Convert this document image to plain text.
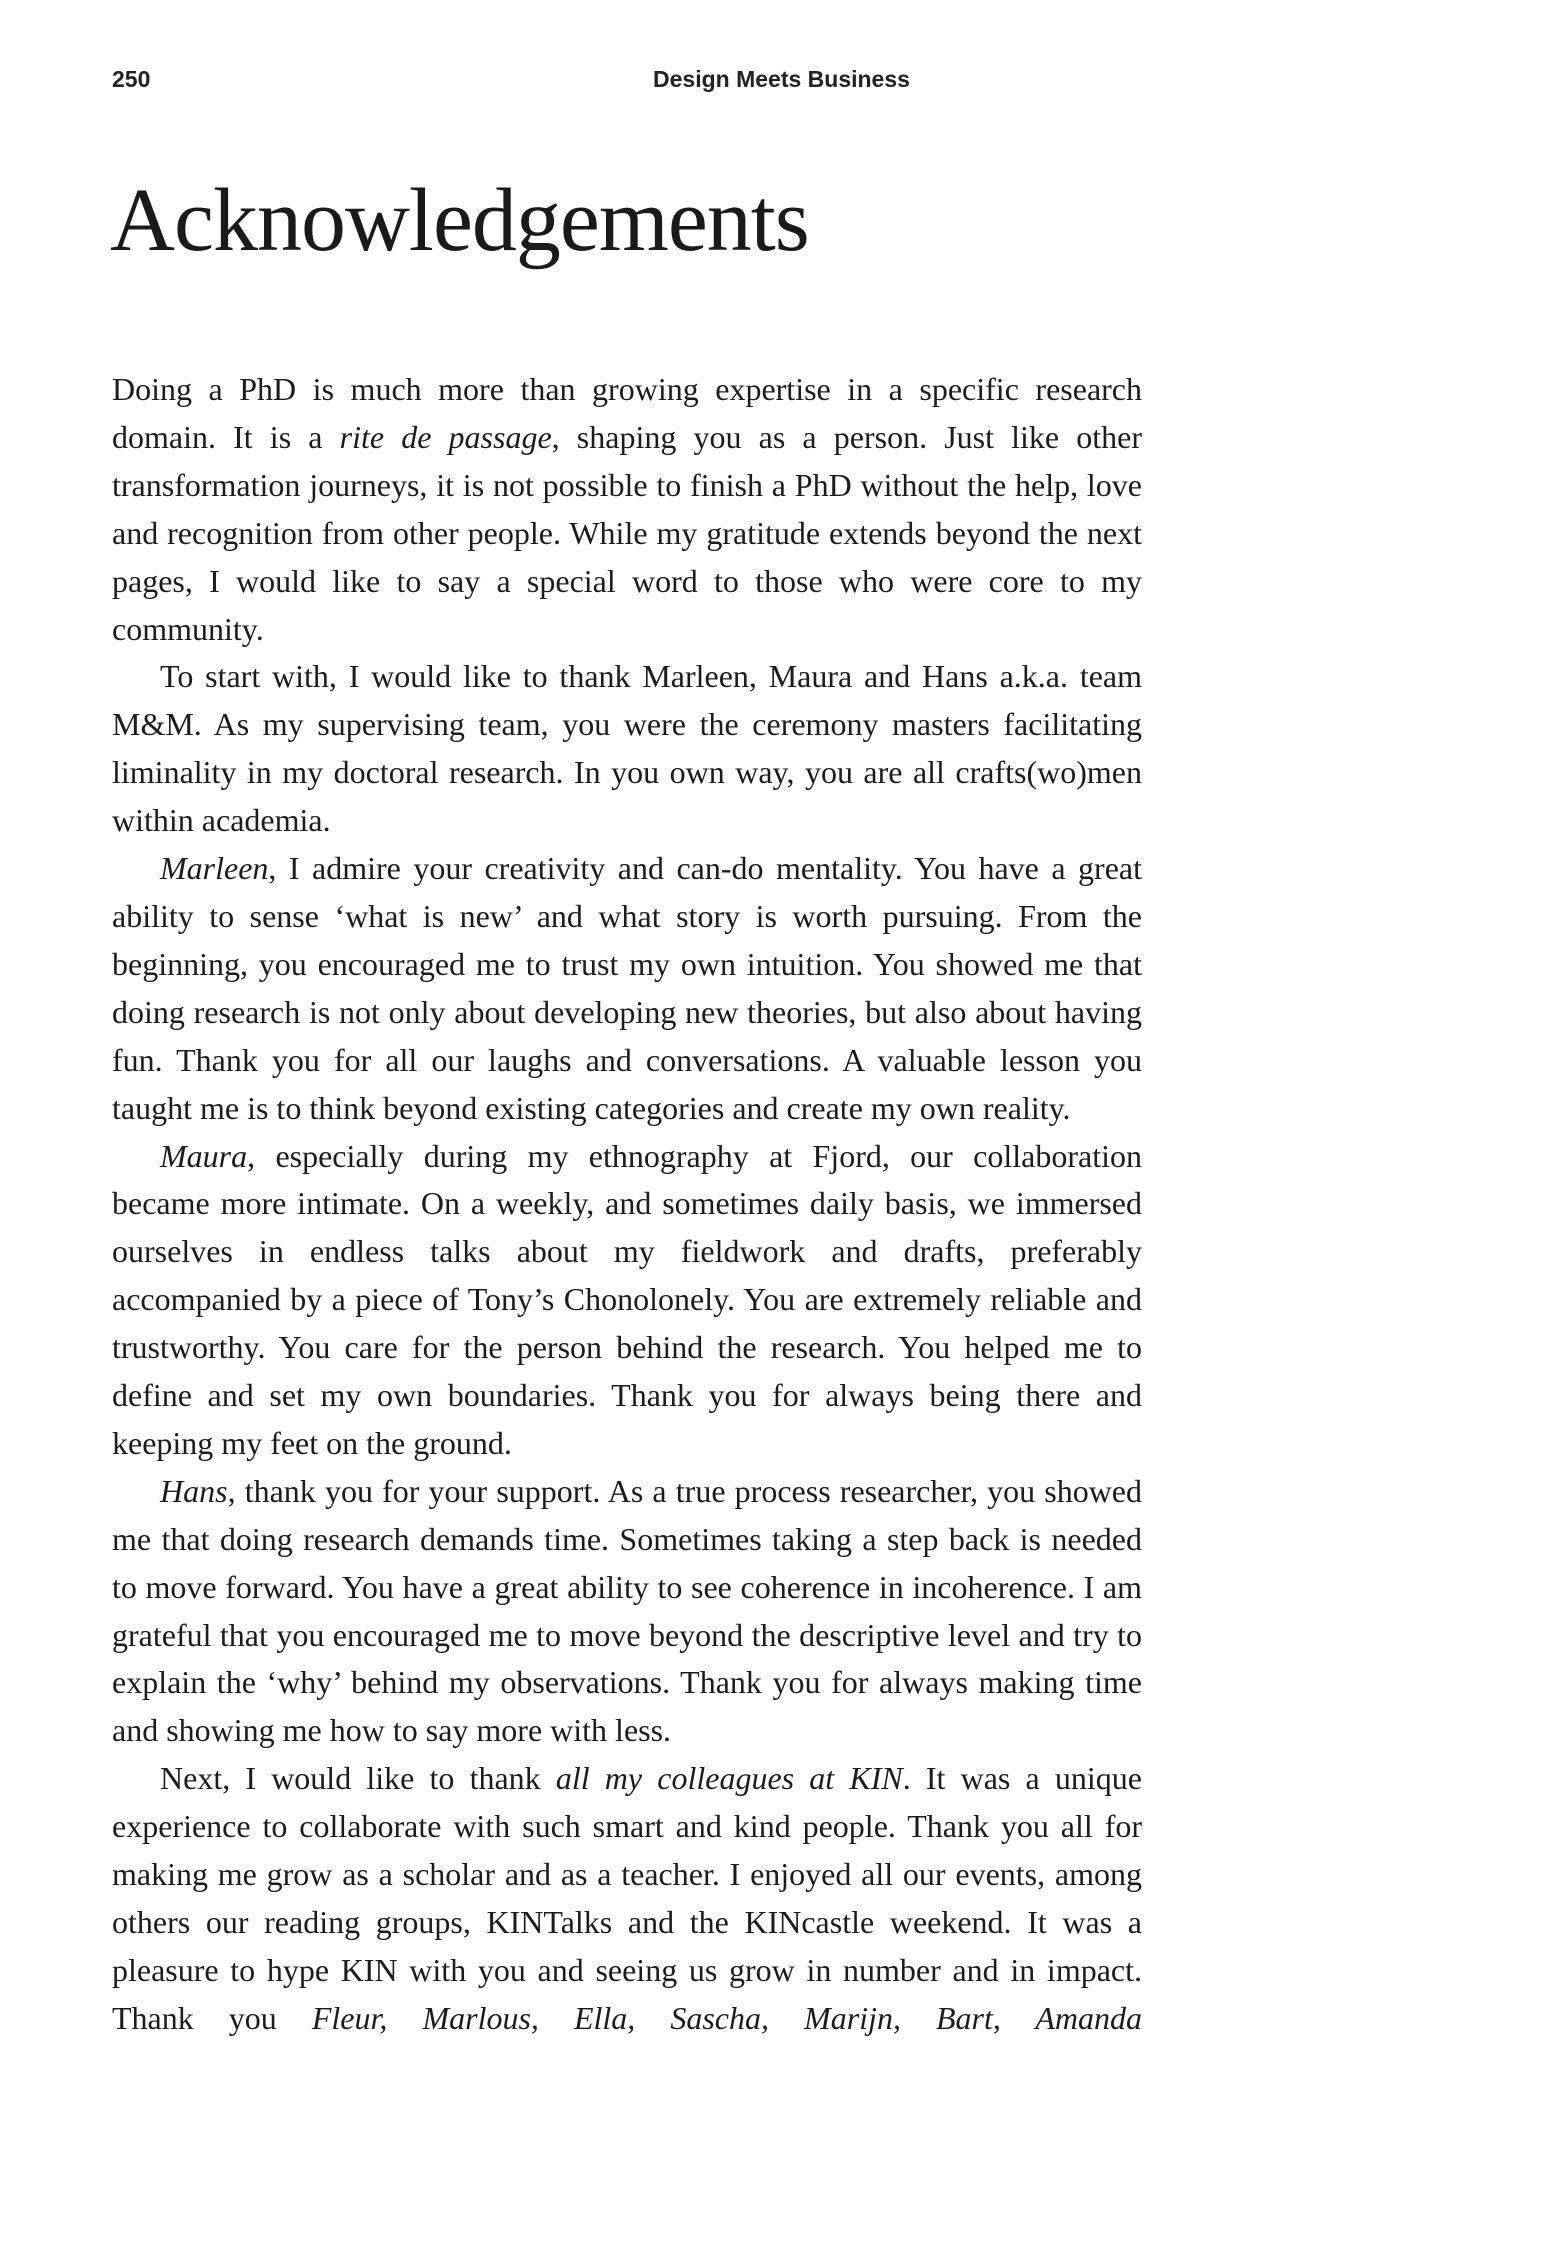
250	Design Meets Business
Acknowledgements

Doing a PhD is much more than growing expertise in a specific research domain. It is a rite de passage, shaping you as a person. Just like other transformation journeys, it is not possible to finish a PhD without the help, love and recognition from other people. While my gratitude extends beyond the next pages, I would like to say a special word to those who were core to my community.

To start with, I would like to thank Marleen, Maura and Hans a.k.a. team M&M. As my supervising team, you were the ceremony masters facilitating liminality in my doctoral research. In you own way, you are all crafts(wo)men within academia.

Marleen, I admire your creativity and can-do mentality. You have a great ability to sense ‘what is new’ and what story is worth pursuing. From the beginning, you encouraged me to trust my own intuition. You showed me that doing research is not only about developing new theories, but also about having fun. Thank you for all our laughs and conversations. A valuable lesson you taught me is to think beyond existing categories and create my own reality.

Maura, especially during my ethnography at Fjord, our collaboration became more intimate. On a weekly, and sometimes daily basis, we immersed ourselves in endless talks about my fieldwork and drafts, preferably accompanied by a piece of Tony’s Chonolonely. You are extremely reliable and trustworthy. You care for the person behind the research. You helped me to define and set my own boundaries. Thank you for always being there and keeping my feet on the ground.

Hans, thank you for your support. As a true process researcher, you showed me that doing research demands time. Sometimes taking a step back is needed to move forward. You have a great ability to see coherence in incoherence. I am grateful that you encouraged me to move beyond the descriptive level and try to explain the ‘why’ behind my observations. Thank you for always making time and showing me how to say more with less.

Next, I would like to thank all my colleagues at KIN. It was a unique experience to collaborate with such smart and kind people. Thank you all for making me grow as a scholar and as a teacher. I enjoyed all our events, among others our reading groups, KINTalks and the KINcastle weekend. It was a pleasure to hype KIN with you and seeing us grow in number and in impact. Thank you Fleur, Marlous, Ella, Sascha, Marijn, Bart, Amanda
